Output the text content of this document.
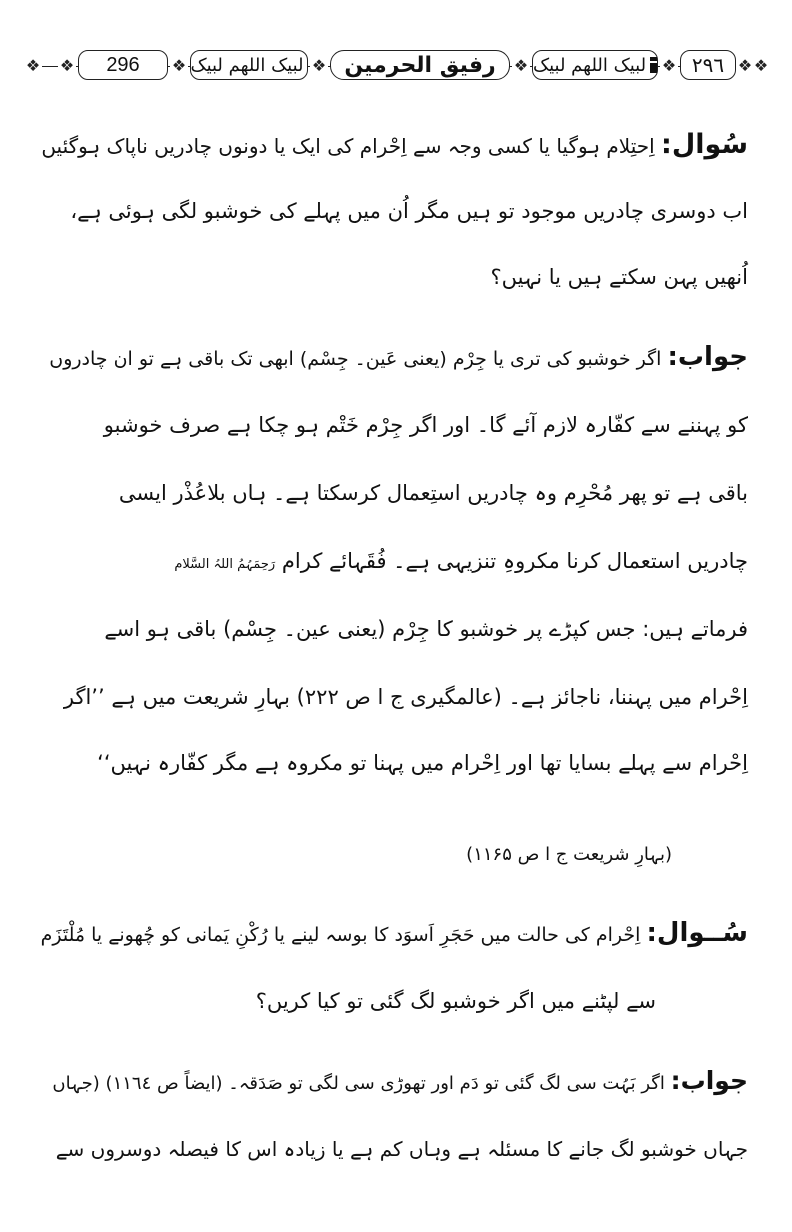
❖ ❖ 296 ❖ لبیک اللھم لبیک ❖ رفیق الحرمین ❖ لبیک اللھم لبیک ❖ ۲۹٦ ❖ ❖
سُوال: اِحتِلام ہوگیا یا کسی وجہ سے اِحْرام کی ایک یا دونوں چادریں ناپاک ہوگئیں
اب دوسری چادریں موجود تو ہیں مگر اُن میں پہلے کی خوشبو لگی ہوئی ہے،
اُنھیں پہن سکتے ہیں یا نہیں؟
جواب: اگر خوشبو کی تری یا جِرْم (یعنی عَین۔ جِسْم) ابھی تک باقی ہے تو ان چادروں
کو پہننے سے کفّارہ لازم آئے گا۔ اور اگر جِرْم خَتْم ہو چکا ہے صرف خوشبو
باقی ہے تو پھر مُحْرِم وہ چادریں استِعمال کرسکتا ہے۔ ہاں بلاعُذْر ایسی
چادریں استعمال کرنا مکروہِ تنزیہی ہے۔ فُقَہائے کرام رَحِمَہُمُ اللہُ السَّلام
فرماتے ہیں: جس کپڑے پر خوشبو کا جِرْم (یعنی عین۔ جِسْم) باقی ہو اسے
اِحْرام میں پہننا، ناجائز ہے۔ (عالمگیری ج ا ص ۲۲۲) بہارِ شریعت میں ہے ’’اگر
اِحْرام سے پہلے بسایا تھا اور اِحْرام میں پہنا تو مکروہ ہے مگر کفّارہ نہیں‘‘
(بہارِ شریعت ج ا ص ۱۱۶۵)
سُــوال: اِحْرام کی حالت میں حَجَرِ اَسوَد کا بوسہ لینے یا رُکْنِ یَمانی کو چُھونے یا مُلْتَزَم
سے لپٹنے میں اگر خوشبو لگ گئی تو کیا کریں؟
جواب: اگر بَہُت سی لگ گئی تو دَم اور تھوڑی سی لگی تو صَدَقہ۔ (ایضاً ص ۱۱٦٤) (جہاں
جہاں خوشبو لگ جانے کا مسئلہ ہے وہاں کم ہے یا زیادہ اس کا فیصلہ دوسروں سے
